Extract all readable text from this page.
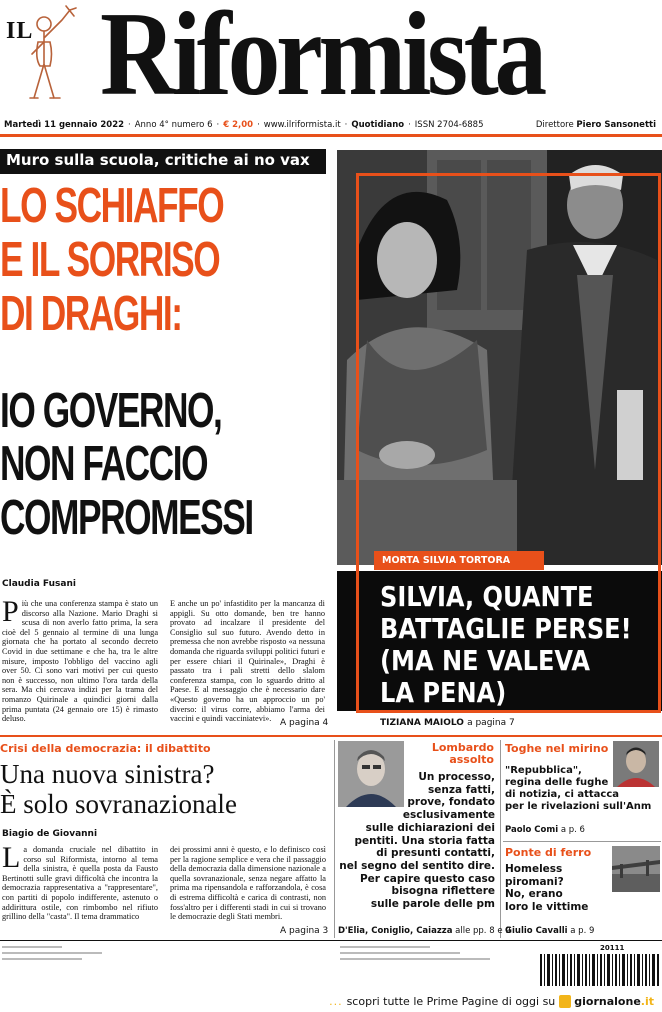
IL Riformista
Martedì 11 gennaio 2022 · Anno 4° numero 6 · € 2,00 · www.ilriformista.it · Quotidiano · ISSN 2704-6885	Direttore Piero Sansonetti
Muro sulla scuola, critiche ai no vax
LO SCHIAFFO
E IL SORRISO
DI DRAGHI:
IO GOVERNO,
NON FACCIO
COMPROMESSI
Claudia Fusani
Più che una conferenza stampa è stato un discorso alla Nazione. Mario Draghi si scusa di non averlo fatto prima, la sera cioè del 5 gennaio al termine di una lunga giornata che ha portato al secondo decreto Covid in due settimane e che ha, tra le altre misure, imposto l'obbligo del vaccino agli over 50. Ci sono vari motivi per cui questo non è successo, non ultimo l'ora tarda della sera. Ma chi cercava indizi per la trama del romanzo Quirinale a quindici giorni dalla prima puntata (24 gennaio ore 15) è rimasto deluso.
E anche un po' infastidito per la mancanza di appigli. Su otto domande, ben tre hanno provato ad incalzare il presidente del Consiglio sul suo futuro. Avendo detto in premessa che non avrebbe risposto «a nessuna domanda che riguarda sviluppi politici futuri e per essere chiari il Quirinale», Draghi è passato tra i pali stretti dello slalom conferenza stampa, con lo sguardo dritto al Paese. E al messaggio che è necessario dare «Questo governo ha un approccio un po' diverso: il virus corre, abbiamo l'arma dei vaccini e quindi vacciniatevi». A pagina 4
MORTA SILVIA TORTORA
SILVIA, QUANTE
BATTAGLIE PERSE!
(MA NE VALEVA
LA PENA)
TIZIANA MAIOLO a pagina 7
Crisi della democrazia: il dibattito
Una nuova sinistra?
È solo sovranazionale
Biagio de Giovanni
La domanda cruciale nel dibattito in corso sul Riformista, intorno al tema della sinistra, è quella posta da Fausto Bertinotti sulle gravi difficoltà che incontra la democrazia rappresentativa a "rappresentare", con partiti di popolo indifferente, astenuto o addirittura ostile, con rimbombo nel rifiuto grillino della "casta". Il tema drammatico
dei prossimi anni è questo, e lo definisco così per la ragione semplice e vera che il passaggio della democrazia dalla dimensione nazionale a quella sovranazionale, senza negare affatto la prima ma ripensandola e rafforzandola, è cosa di estrema difficoltà e carica di contrasti, non foss'altro per i differenti stadi in cui si trovano le democrazie degli Stati membri.
A pagina 3
Lombardo
assolto
Un processo,
senza fatti,
prove, fondato
esclusivamente
sulle dichiarazioni dei
pentiti. Una storia fatta
di presunti contatti,
nel segno del sentito dire.
Per capire questo caso
bisogna riflettere
sulle parole delle pm
D'Elia, Coniglio, Caiazza alle pp. 8 e 9
Toghe nel mirino
"Repubblica",
regina delle fughe
di notizia, ci attacca
per le rivelazioni sull'Anm
Paolo Comi a p. 6
Ponte di ferro
Homeless
piromani?
No, erano
loro le vittime
Giulio Cavalli a p. 9
20111
... scopri tutte le Prime Pagine di oggi su giornalone.it
